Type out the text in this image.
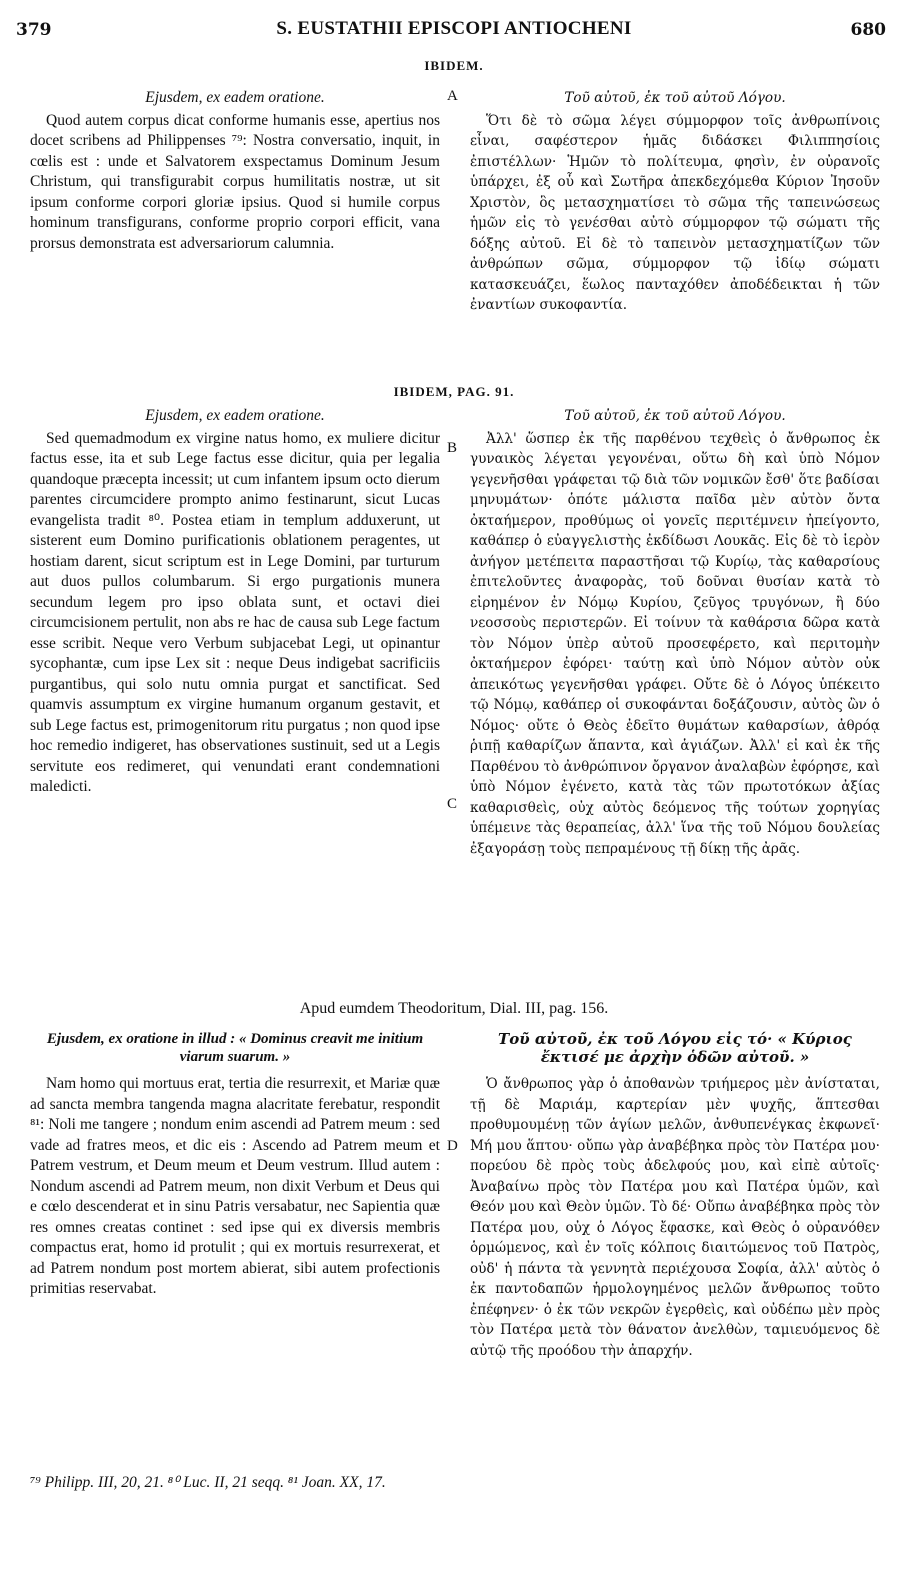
379	S. EUSTATHII EPISCOPI ANTIOCHENI	680
IBIDEM.

Ejusdem, ex eadem oratione.

Quod autem corpus dicat conforme humanis esse, apertius nos docet scribens ad Philippenses ⁷⁹: Nostra conversatio, inquit, in cœlis est : unde et Salvatorem exspectamus Dominum Jesum Christum, qui transfigurabit corpus humilitatis nostræ, ut sit ipsum conforme corpori gloriæ ipsius. Quod si humile corpus hominum transfigurans, conforme proprio corpori efficit, vana prorsus demonstrata est adversariorum calumnia.

A	Τοῦ αὐτοῦ, ἐκ τοῦ αὐτοῦ Λόγου.

Ὅτι δὲ τὸ σῶμα λέγει σύμμορφον τοῖς ἀνθρωπίνοις εἶναι, σαφέστερον ἡμᾶς διδάσκει Φιλιππησίοις ἐπιστέλλων· Ἡμῶν τὸ πολίτευμα, φησὶν, ἐν οὐρανοῖς ὑπάρχει, ἐξ οὗ καὶ Σωτῆρα ἀπεκδεχόμεθα Κύριον Ἰησοῦν Χριστὸν, ὃς μετασχηματίσει τὸ σῶμα τῆς ταπεινώσεως ἡμῶν εἰς τὸ γενέσθαι αὐτὸ σύμμορφον τῷ σώματι τῆς δόξης αὐτοῦ. Εἰ δὲ τὸ ταπεινὸν μετασχηματίζων τῶν ἀνθρώπων σῶμα, σύμμορφον τῷ ἰδίῳ σώματι κατασκευάζει, ἕωλος πανταχόθεν ἀποδέδεικται ἡ τῶν ἐναντίων συκοφαντία.

IBIDEM, PAG. 91.

Ejusdem, ex eadem oratione.

Sed quemadmodum ex virgine natus homo, ex muliere dicitur factus esse, ita et sub Lege factus esse dicitur, quia per legalia quandoque præcepta incessit; ut cum infantem ipsum octo dierum parentes circumcidere prompto animo festinarunt, sicut Lucas evangelista tradit ⁸⁰. Postea etiam in templum adduxerunt, ut sisterent eum Domino purificationis oblationem peragentes, ut hostiam darent, sicut scriptum est in Lege Domini, par turturum aut duos pullos columbarum. Si ergo purgationis munera secundum legem pro ipso oblata sunt, et octavi diei circumcisionem pertulit, non abs re hac de causa sub Lege factum esse scribit. Neque vero Verbum subjacebat Legi, ut opinantur sycophantæ, cum ipse Lex sit : neque Deus indigebat sacrificiis purgantibus, qui solo nutu omnia purgat et sanctificat. Sed quamvis assumptum ex virgine humanum organum gestavit, et sub Lege factus est, primogenitorum ritu purgatus ; non quod ipse hoc remedio indigeret, has observationes sustinuit, sed ut a Legis servitute eos redimeret, qui venundati erant condemnationi maledicti.

B
C

Τοῦ αὐτοῦ, ἐκ τοῦ αὐτοῦ Λόγου.

Ἀλλ' ὥσπερ ἐκ τῆς παρθένου τεχθεὶς ὁ ἄνθρωπος ἐκ γυναικὸς λέγεται γεγονέναι, οὕτω δὴ καὶ ὑπὸ Νόμον γεγενῆσθαι γράφεται τῷ διὰ τῶν νομικῶν ἔσθ' ὅτε βαδίσαι μηνυμάτων· ὁπότε μάλιστα παῖδα μὲν αὐτὸν ὄντα ὀκταήμερον, προθύμως οἱ γονεῖς περιτέμνειν ἠπείγοντο, καθάπερ ὁ εὐαγγελιστὴς ἐκδίδωσι Λουκᾶς. Εἰς δὲ τὸ ἱερὸν ἀνήγον μετέπειτα παραστῆσαι τῷ Κυρίῳ, τὰς καθαρσίους ἐπιτελοῦντες ἀναφορὰς, τοῦ δοῦναι θυσίαν κατὰ τὸ εἰρημένον ἐν Νόμῳ Κυρίου, ζεῦγος τρυγόνων, ἢ δύο νεοσσοὺς περιστερῶν. Εἰ τοίνυν τὰ καθάρσια δῶρα κατὰ τὸν Νόμον ὑπὲρ αὐτοῦ προσεφέρετο, καὶ περιτομὴν ὀκταήμερον ἐφόρει· ταύτῃ καὶ ὑπὸ Νόμον αὐτὸν οὐκ ἀπεικότως γεγενῆσθαι γράφει. Οὔτε δὲ ὁ Λόγος ὑπέκειτο τῷ Νόμῳ, καθάπερ οἱ συκοφάνται δοξάζουσιν, αὐτὸς ὢν ὁ Νόμος· οὔτε ὁ Θεὸς ἐδεῖτο θυμάτων καθαρσίων, ἀθρόᾳ ῥιπῇ καθαρίζων ἅπαντα, καὶ ἁγιάζων. Ἀλλ' εἰ καὶ ἐκ τῆς Παρθένου τὸ ἀνθρώπινον ὄργανον ἀναλαβὼν ἐφόρησε, καὶ ὑπὸ Νόμον ἐγένετο, κατὰ τὰς τῶν πρωτοτόκων ἀξίας καθαρισθεὶς, οὐχ αὐτὸς δεόμενος τῆς τούτων χορηγίας ὑπέμεινε τὰς θεραπείας, ἀλλ' ἵνα τῆς τοῦ Νόμου δουλείας ἐξαγοράσῃ τοὺς πεπραμένους τῇ δίκῃ τῆς ἀρᾶς.

Apud eumdem Theodoritum, Dial. III, pag. 156.

Ejusdem, ex oratione in illud : « Dominus creavit me initium viarum suarum. »

Nam homo qui mortuus erat, tertia die resurrexit, et Mariæ quæ ad sancta membra tangenda magna alacritate ferebatur, respondit ⁸¹: Noli me tangere ; nondum enim ascendi ad Patrem meum : sed vade ad fratres meos, et dic eis : Ascendo ad Patrem meum et Patrem vestrum, et Deum meum et Deum vestrum. Illud autem : Nondum ascendi ad Patrem meum, non dixit Verbum et Deus qui e cœlo descenderat et in sinu Patris versabatur, nec Sapientia quæ res omnes creatas continet : sed ipse qui ex diversis membris compactus erat, homo id protulit ; qui ex mortuis resurrexerat, et ad Patrem nondum post mortem abierat, sibi autem profectionis primitias reservabat.

D

Τοῦ αὐτοῦ, ἐκ τοῦ Λόγου εἰς τό· « Κύριος ἔκτισέ με ἀρχὴν ὁδῶν αὐτοῦ. »

Ὁ ἄνθρωπος γὰρ ὁ ἀποθανὼν τριήμερος μὲν ἀνίσταται, τῇ δὲ Μαριάμ, καρτερίαν μὲν ψυχῆς, ἅπτεσθαι προθυμουμένῃ τῶν ἁγίων μελῶν, ἀνθυπενέγκας ἐκφωνεῖ· Μή μου ἅπτου· οὔπω γὰρ ἀναβέβηκα πρὸς τὸν Πατέρα μου· πορεύου δὲ πρὸς τοὺς ἀδελφούς μου, καὶ εἰπὲ αὐτοῖς· Ἀναβαίνω πρὸς τὸν Πατέρα μου καὶ Πατέρα ὑμῶν, καὶ Θεόν μου καὶ Θεὸν ὑμῶν. Τὸ δέ· Οὔπω ἀναβέβηκα πρὸς τὸν Πατέρα μου, οὐχ ὁ Λόγος ἔφασκε, καὶ Θεὸς ὁ οὐρανόθεν ὁρμώμενος, καὶ ἐν τοῖς κόλποις διαιτώμενος τοῦ Πατρὸς, οὐδ' ἡ πάντα τὰ γεννητὰ περιέχουσα Σοφία, ἀλλ' αὐτὸς ὁ ἐκ παντοδαπῶν ἡρμολογημένος μελῶν ἄνθρωπος τοῦτο ἐπέφηνεν· ὁ ἐκ τῶν νεκρῶν ἐγερθεὶς, καὶ οὐδέπω μὲν πρὸς τὸν Πατέρα μετὰ τὸν θάνατον ἀνελθὼν, ταμιευόμενος δὲ αὐτῷ τῆς προόδου τὴν ἀπαρχήν.

⁷⁹ Philipp. III, 20, 21. ⁸⁰ Luc. II, 21 seqq. ⁸¹ Joan. XX, 17.
